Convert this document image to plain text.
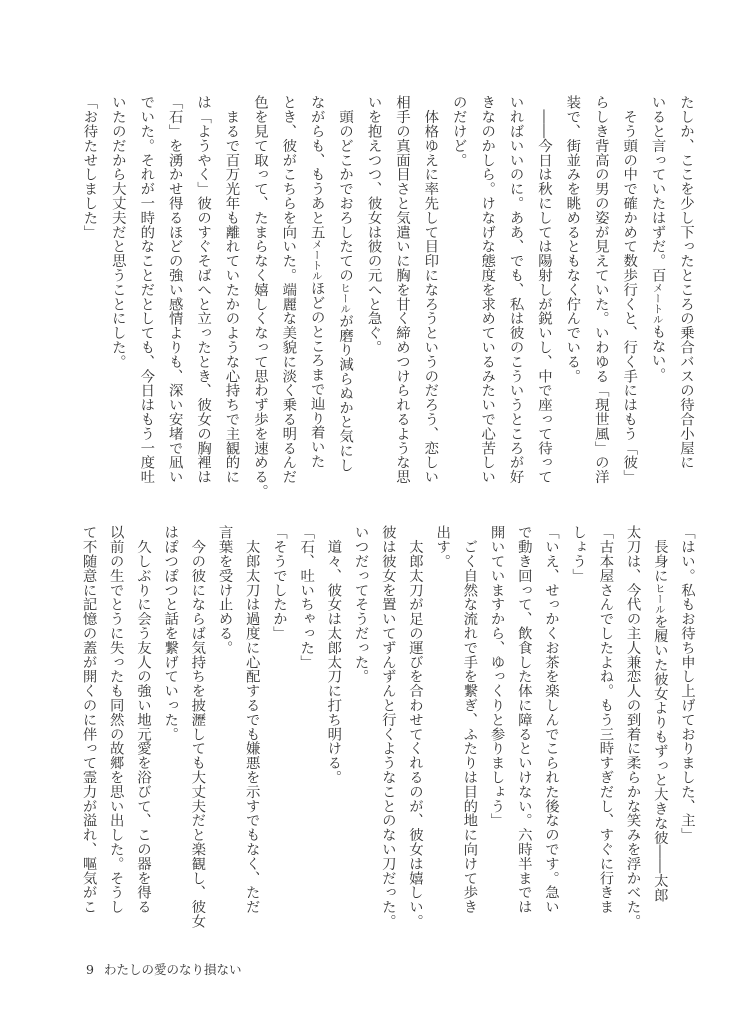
たしか、ここを少し下ったところの乗合バスの待合小屋に
いると言っていたはずだ。百メートルもない。
　そう頭の中で確かめて数歩行くと、行く手にはもう「彼」
らしき背高の男の姿が見えていた。いわゆる「現世風」の洋
装で、街並みを眺めるともなく佇んでいる。
　――今日は秋にしては陽射しが鋭いし、中で座って待って
いればいいのに。ああ、でも、私は彼のこういうところが好
きなのかしら。けなげな態度を求めているみたいで心苦しい
のだけど。
　体格ゆえに率先して目印になろうというのだろう、恋しい
相手の真面目さと気遣いに胸を甘く締めつけられるような思
いを抱えつつ、彼女は彼の元へと急ぐ。
　頭のどこかでおろしたてのヒールが磨り減らぬかと気にし
ながらも、もうあと五メートルほどのところまで辿り着いた
とき、彼がこちらを向いた。端麗な美貌に淡く乗る明るんだ
色を見て取って、たまらなく嬉しくなって思わず歩を速める。
　まるで百万光年も離れていたかのような心持ちで主観的に
は「ようやく」彼のすぐそばへと立ったとき、彼女の胸裡は
「石」を湧かせ得るほどの強い感情よりも、深い安堵で凪い
でいた。それが一時的なことだとしても、今日はもう一度吐
いたのだから大丈夫だと思うことにした。
「お待たせしました」
「はい。私もお待ち申し上げておりました、主」
　長身にヒールを履いた彼女よりもずっと大きな彼――太郎
太刀は、今代の主人兼恋人の到着に柔らかな笑みを浮かべた。
「古本屋さんでしたよね。もう三時すぎだし、すぐに行きま
しょう」
「いえ、せっかくお茶を楽しんでこられた後なのです。急い
で動き回って、飲食した体に障るといけない。六時半までは
開いていますから、ゆっくりと参りましょう」
　ごく自然な流れで手を繋ぎ、ふたりは目的地に向けて歩き
出す。
　太郎太刀が足の運びを合わせてくれるのが、彼女は嬉しい。
彼は彼女を置いてずんずんと行くようなことのない刀だった。
いつだってそうだった。
　道々、彼女は太郎太刀に打ち明ける。
「石、吐いちゃった」
「そうでしたか」
　太郎太刀は過度に心配するでも嫌悪を示すでもなく、ただ
言葉を受け止める。
　今の彼にならば気持ちを披瀝しても大丈夫だと楽観し、彼女
はぽつぽつと話を繋げていった。
　久しぶりに会う友人の強い地元愛を浴びて、この器を得る
以前の生でとうに失ったも同然の故郷を思い出した。そうし
て不随意に記憶の蓋が開くのに伴って霊力が溢れ、嘔気がこ
9 わたしの愛のなり損ない
